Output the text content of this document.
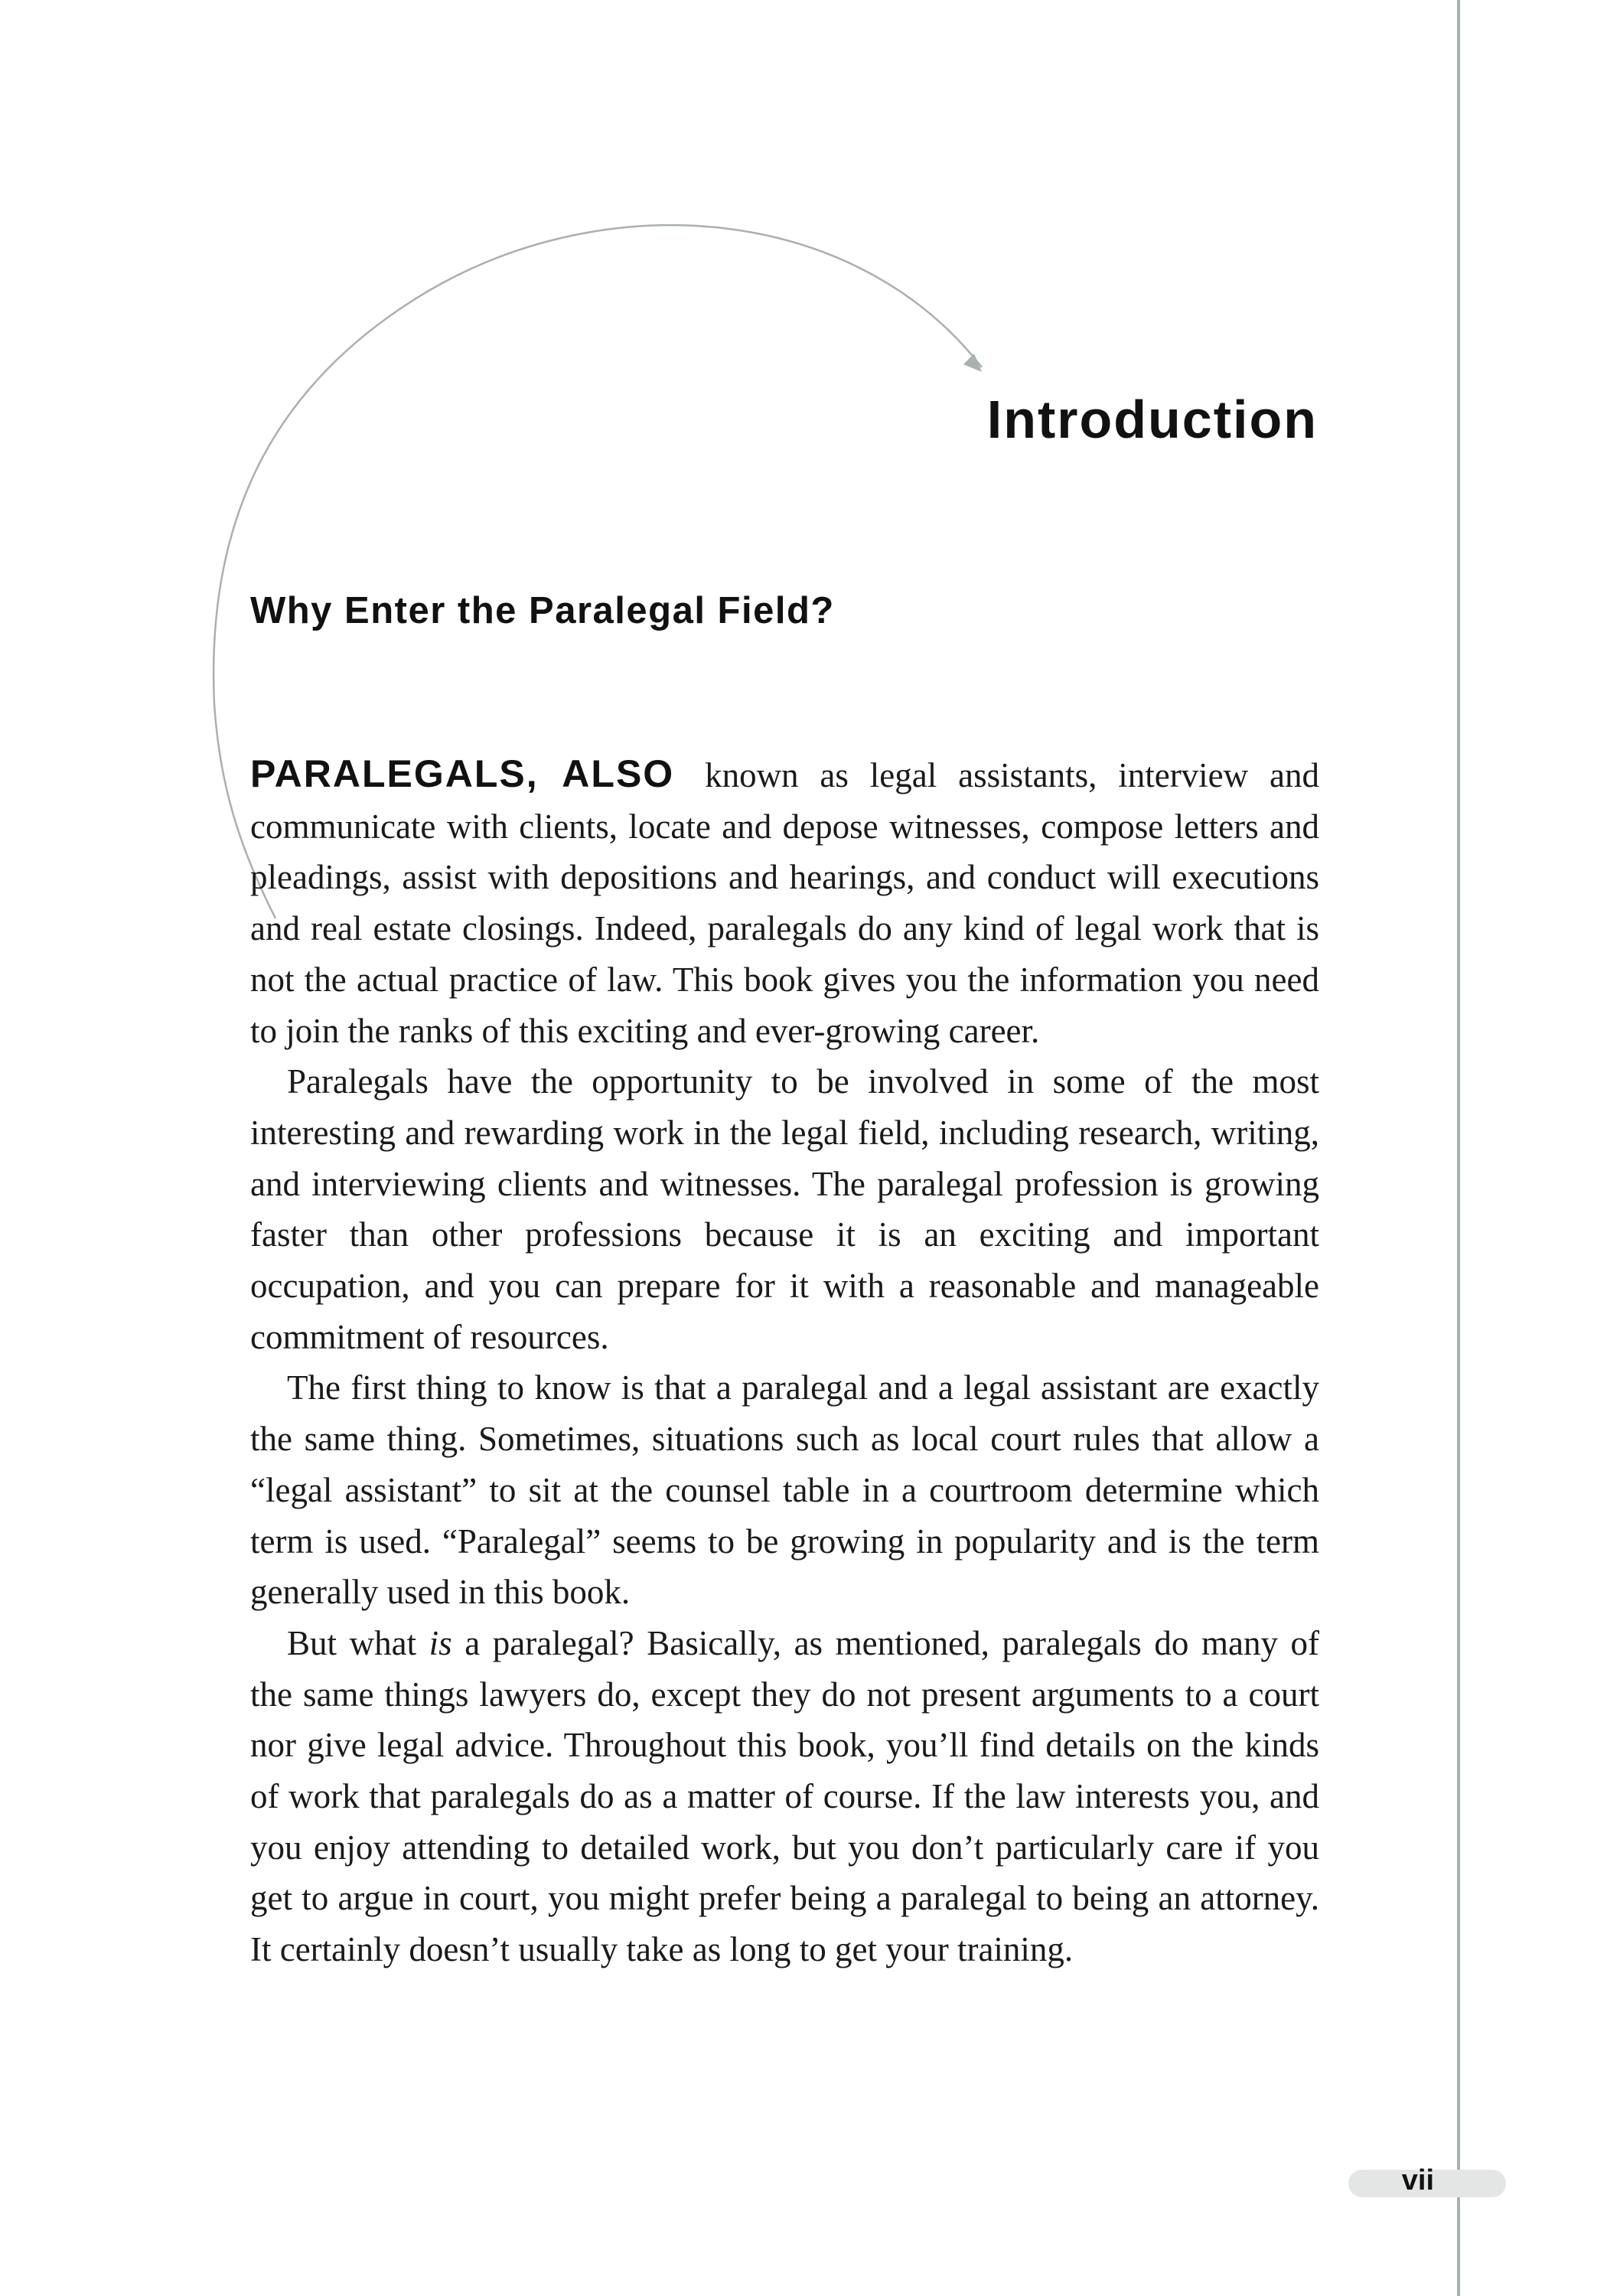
Introduction
Why Enter the Paralegal Field?

PARALEGALS, ALSO known as legal assistants, interview and communicate with clients, locate and depose witnesses, compose letters and pleadings, assist with depositions and hearings, and conduct will executions and real estate closings. Indeed, paralegals do any kind of legal work that is not the actual practice of law. This book gives you the information you need to join the ranks of this exciting and ever-growing career.

Paralegals have the opportunity to be involved in some of the most interesting and rewarding work in the legal field, including research, writing, and interviewing clients and witnesses. The paralegal profession is growing faster than other professions because it is an exciting and important occupation, and you can prepare for it with a reasonable and manageable commitment of resources.

The first thing to know is that a paralegal and a legal assistant are exactly the same thing. Sometimes, situations such as local court rules that allow a “legal assistant” to sit at the counsel table in a courtroom determine which term is used. “Paralegal” seems to be growing in popularity and is the term generally used in this book.

But what is a paralegal? Basically, as mentioned, paralegals do many of the same things lawyers do, except they do not present arguments to a court nor give legal advice. Throughout this book, you’ll find details on the kinds of work that paralegals do as a matter of course. If the law interests you, and you enjoy attending to detailed work, but you don’t particularly care if you get to argue in court, you might prefer being a paralegal to being an attorney. It certainly doesn’t usually take as long to get your training.

vii
